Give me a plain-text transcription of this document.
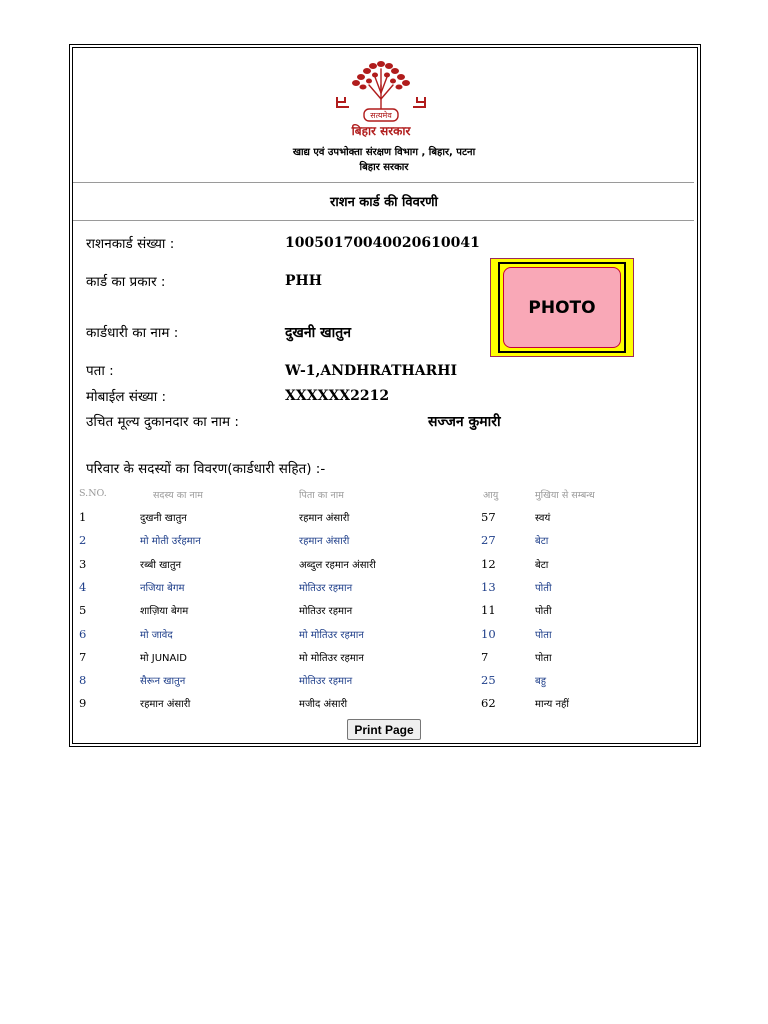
सत्यमेव
बिहार सरकार
खाद्य एवं उपभोक्ता संरक्षण विभाग , बिहार, पटना
बिहार सरकार
राशन कार्ड की विवरणी
राशनकार्ड संख्या :	10050170040020610041
कार्ड का प्रकार :	PHH
कार्डधारी का नाम :	दुखनी खातुन
पता :	W-1,ANDHRATHARHI
मोबाईल संख्या :	XXXXXX2212
उचित मूल्य दुकानदार का नाम :	सज्जन कुमारी
PHOTO
परिवार के सदस्यों का विवरण(कार्डधारी सहित) :-
S.NO.	सदस्य का नाम	पिता का नाम	आयु	मुखिया से सम्बन्ध
1	दुखनी खातुन	रहमान अंसारी	57	स्वयं
2	मो मोती उर्रहमान	रहमान अंसारी	27	बेटा
3	रब्बी खातुन	अब्दुल रहमान अंसारी	12	बेटा
4	नजिया बेगम	मोतिउर रहमान	13	पोती
5	शाज़िया बेगम	मोतिउर रहमान	11	पोती
6	मो जावेद	मो मोतिउर रहमान	10	पोता
7	मो JUNAID	मो मोतिउर रहमान	7	पोता
8	सैरून खातुन	मोतिउर रहमान	25	बहु
9	रहमान अंसारी	मजीद अंसारी	62	मान्य नहीं
Print Page
